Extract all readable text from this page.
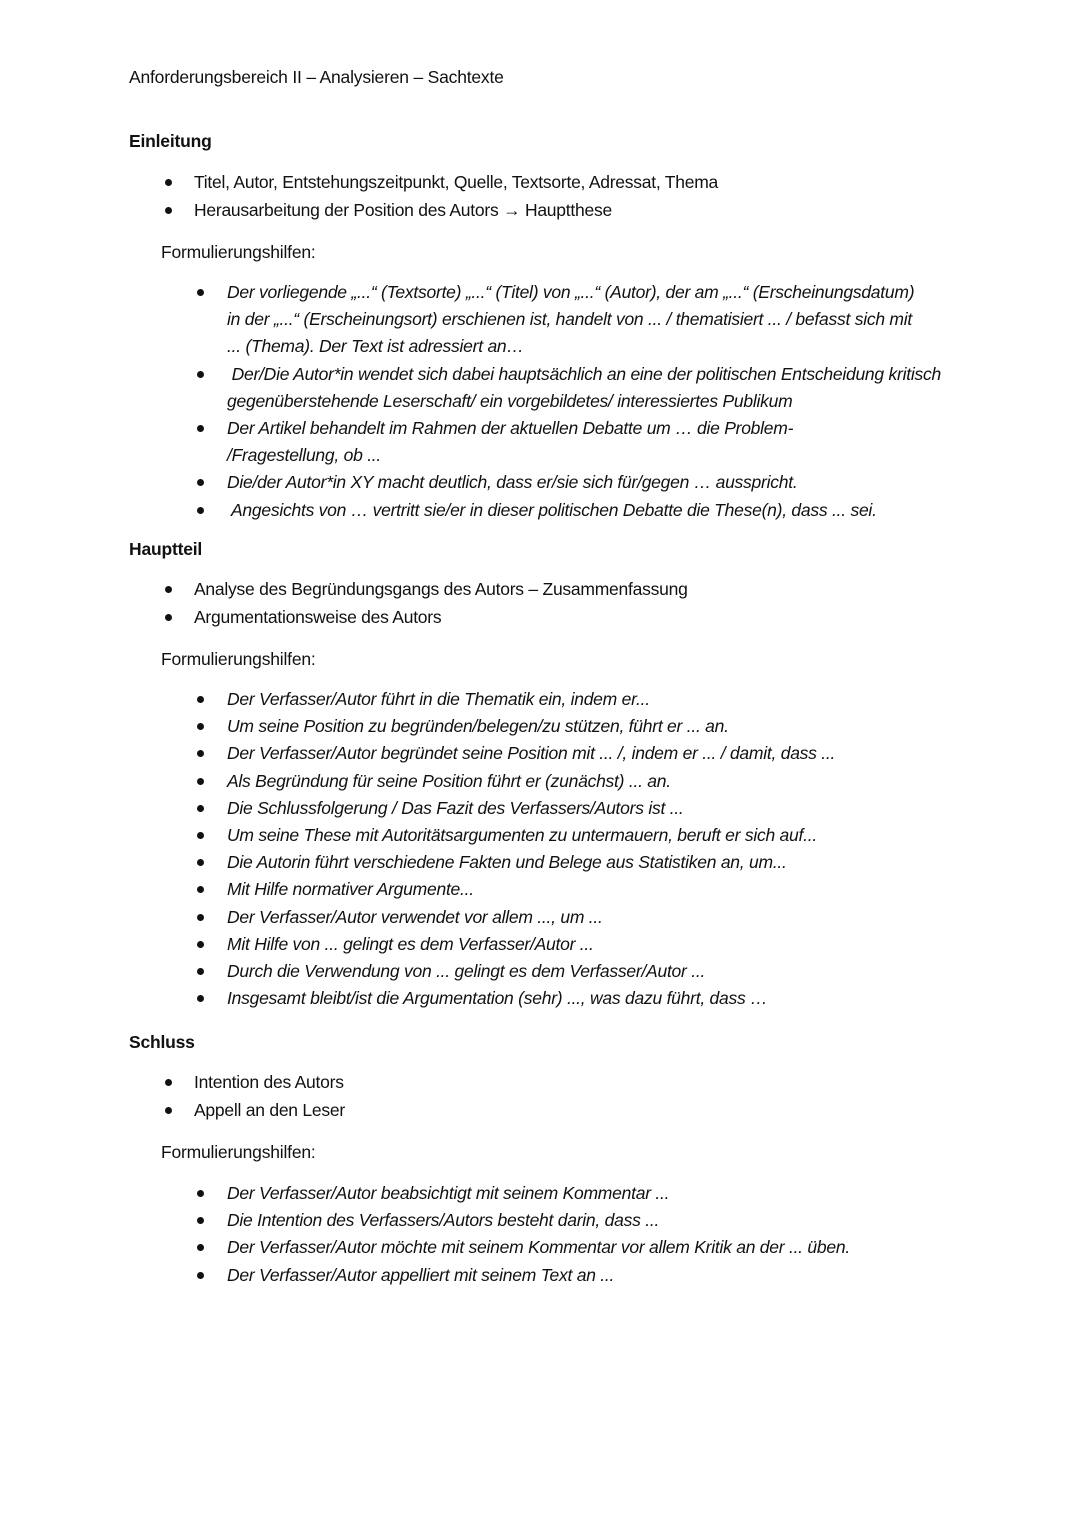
Anforderungsbereich II – Analysieren – Sachtexte
Einleitung
Titel, Autor, Entstehungszeitpunkt, Quelle, Textsorte, Adressat, Thema
Herausarbeitung der Position des Autors → Hauptthese
Formulierungshilfen:
Der vorliegende „...“ (Textsorte) „...“ (Titel) von „...“ (Autor), der am „...“ (Erscheinungsdatum) in der „...“ (Erscheinungsort) erschienen ist, handelt von ... / thematisiert ... / befasst sich mit ... (Thema). Der Text ist adressiert an…
Der/Die Autor*in wendet sich dabei hauptsächlich an eine der politischen Entscheidung kritisch gegenüberstehende Leserschaft/ ein vorgebildetes/ interessiertes Publikum
Der Artikel behandelt im Rahmen der aktuellen Debatte um … die Problem- /Fragestellung, ob ...
Die/der Autor*in XY macht deutlich, dass er/sie sich für/gegen … ausspricht.
Angesichts von … vertritt sie/er in dieser politischen Debatte die These(n), dass ... sei.
Hauptteil
Analyse des Begründungsgangs des Autors – Zusammenfassung
Argumentationsweise des Autors
Formulierungshilfen:
Der Verfasser/Autor führt in die Thematik ein, indem er...
Um seine Position zu begründen/belegen/zu stützen, führt er ... an.
Der Verfasser/Autor begründet seine Position mit ... /, indem er ... / damit, dass ...
Als Begründung für seine Position führt er (zunächst) ... an.
Die Schlussfolgerung / Das Fazit des Verfassers/Autors ist ...
Um seine These mit Autoritätsargumenten zu untermauern, beruft er sich auf...
Die Autorin führt verschiedene Fakten und Belege aus Statistiken an, um...
Mit Hilfe normativer Argumente...
Der Verfasser/Autor verwendet vor allem ..., um ...
Mit Hilfe von ... gelingt es dem Verfasser/Autor ...
Durch die Verwendung von ... gelingt es dem Verfasser/Autor ...
Insgesamt bleibt/ist die Argumentation (sehr) ..., was dazu führt, dass …
Schluss
Intention des Autors
Appell an den Leser
Formulierungshilfen:
Der Verfasser/Autor beabsichtigt mit seinem Kommentar ...
Die Intention des Verfassers/Autors besteht darin, dass ...
Der Verfasser/Autor möchte mit seinem Kommentar vor allem Kritik an der ... üben.
Der Verfasser/Autor appelliert mit seinem Text an ...
